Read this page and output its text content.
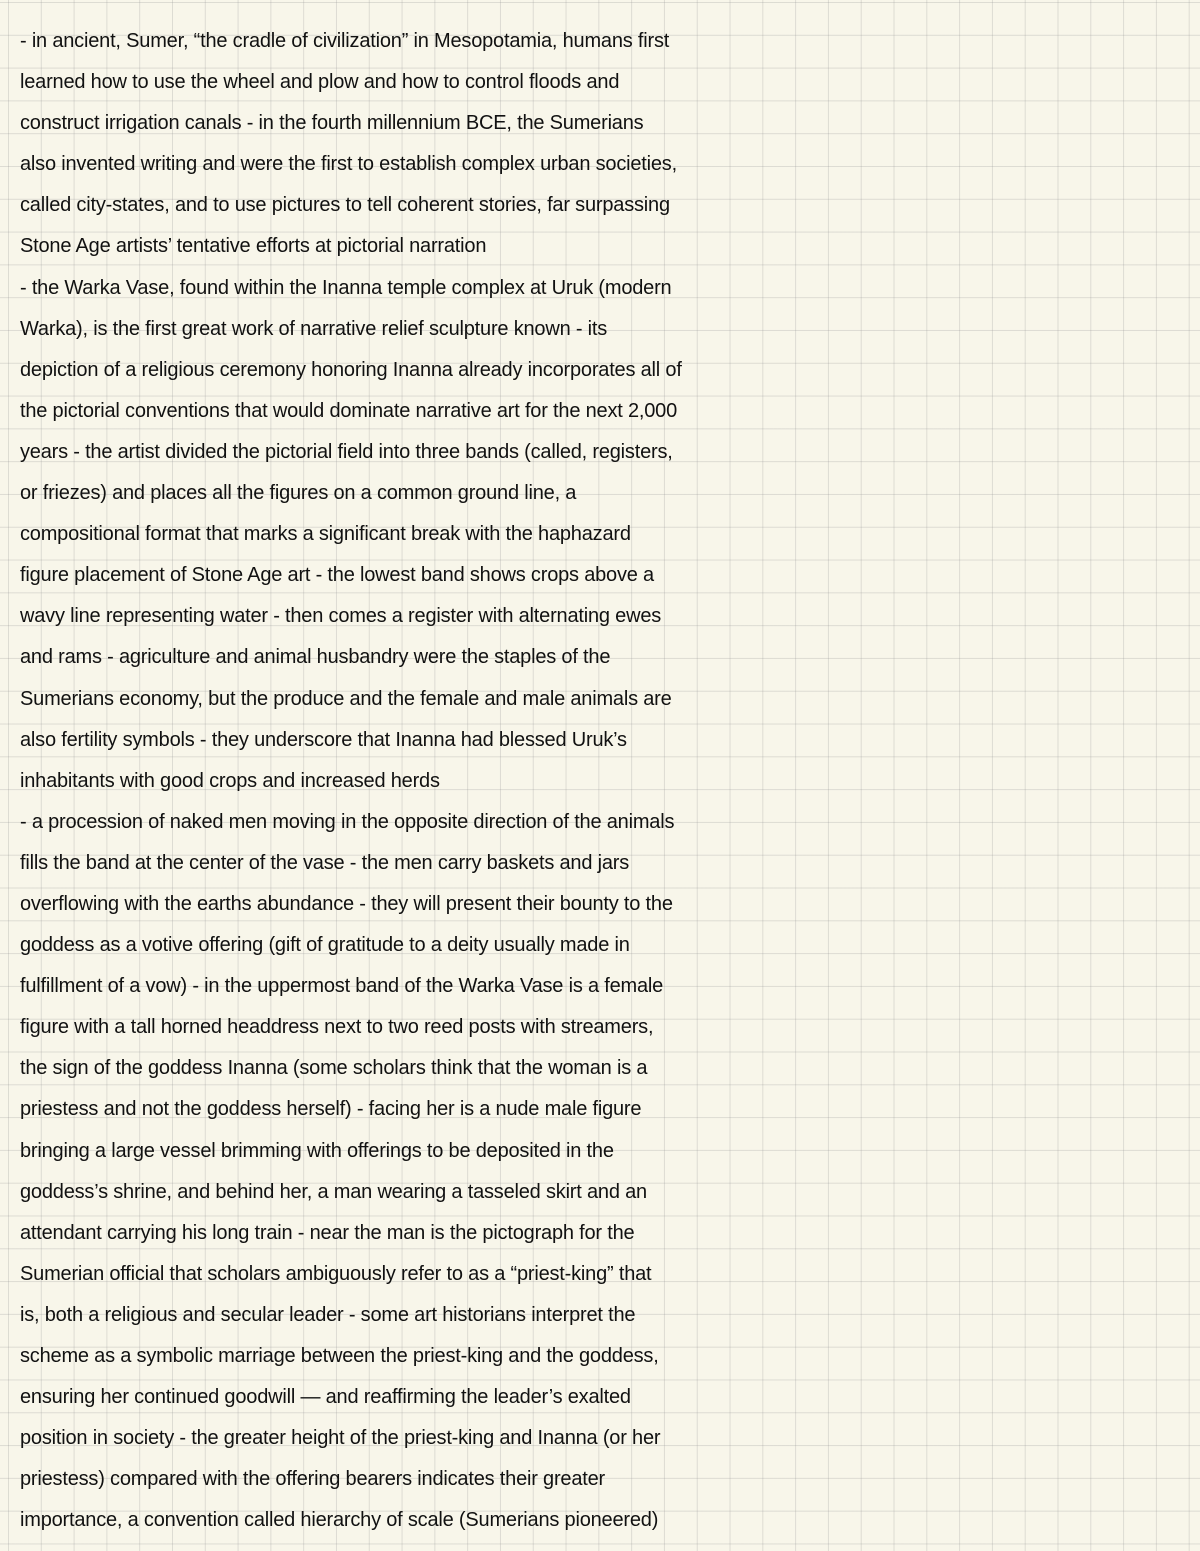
- in ancient, Sumer, “the cradle of civilization” in Mesopotamia, humans first
learned how to use the wheel and plow and how to control floods and
construct irrigation canals - in the fourth millennium BCE, the Sumerians
also invented writing and were the first to establish complex urban societies,
called city-states, and to use pictures to tell coherent stories, far surpassing
Stone Age artists’ tentative efforts at pictorial narration
- the Warka Vase, found within the Inanna temple complex at Uruk (modern
Warka), is the first great work of narrative relief sculpture known - its
depiction of a religious ceremony honoring Inanna already incorporates all of
the pictorial conventions that would dominate narrative art for the next 2,000
years - the artist divided the pictorial field into three bands (called, registers,
or friezes) and places all the figures on a common ground line, a
compositional format that marks a significant break with the haphazard
figure placement of Stone Age art - the lowest band shows crops above a
wavy line representing water - then comes a register with alternating ewes
and rams - agriculture and animal husbandry were the staples of the
Sumerians economy, but the produce and the female and male animals are
also fertility symbols - they underscore that Inanna had blessed Uruk’s
inhabitants with good crops and increased herds
- a procession of naked men moving in the opposite direction of the animals
fills the band at the center of the vase - the men carry baskets and jars
overflowing with the earths abundance - they will present their bounty to the
goddess as a votive offering (gift of gratitude to a deity usually made in
fulfillment of a vow) - in the uppermost band of the Warka Vase is a female
figure with a tall horned headdress next to two reed posts with streamers,
the sign of the goddess Inanna (some scholars think that the woman is a
priestess and not the goddess herself) - facing her is a nude male figure
bringing a large vessel brimming with offerings to be deposited in the
goddess’s shrine, and behind her, a man wearing a tasseled skirt and an
attendant carrying his long train - near the man is the pictograph for the
Sumerian official that scholars ambiguously refer to as a “priest-king” that
is, both a religious and secular leader - some art historians interpret the
scheme as a symbolic marriage between the priest-king and the goddess,
ensuring her continued goodwill — and reaffirming the leader’s exalted
position in society - the greater height of the priest-king and Inanna (or her
priestess) compared with the offering bearers indicates their greater
importance, a convention called hierarchy of scale (Sumerians pioneered)
